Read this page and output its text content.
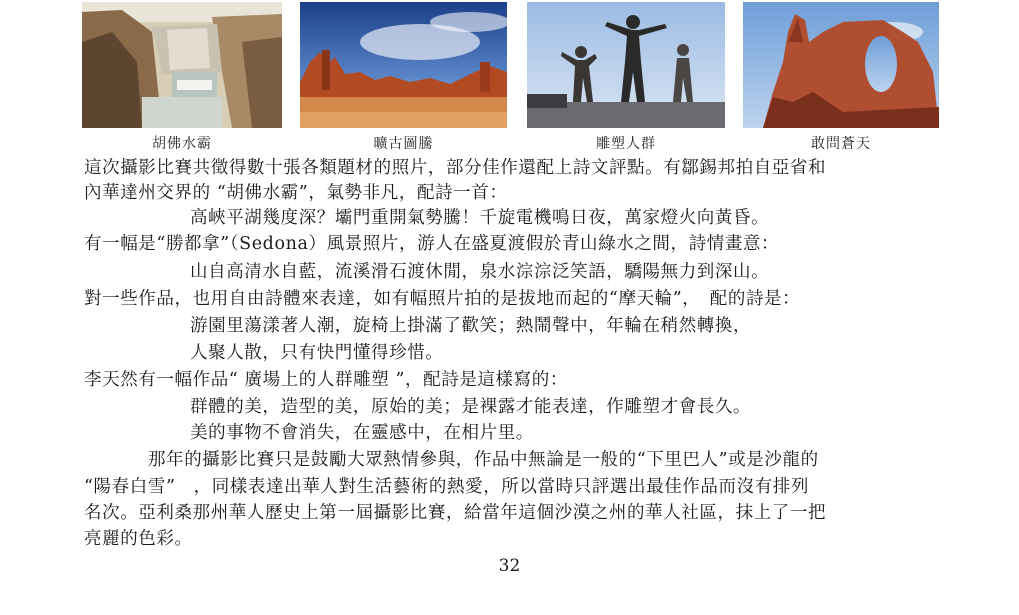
胡佛水霸	曠古圖騰	雕塑人群	敢問蒼天
這次攝影比賽共徵得數十張各類題材的照片，部分佳作還配上詩文評點。有鄒錫邦拍自亞省和
內華達州交界的 “胡佛水霸”，氣勢非凡，配詩一首：
高峽平湖幾度深？壩門重開氣勢騰！千旋電機鳴日夜，萬家燈火向黃昏。
有一幅是“勝都拿”（Sedona）風景照片，游人在盛夏渡假於青山綠水之間，詩情畫意：
山自高清水自藍，流溪滑石渡休閒，泉水淙淙泛笑語，驕陽無力到深山。
對一些作品，也用自由詩體來表達，如有幅照片拍的是拔地而起的“摩天輪”，　配的詩是：
游園里蕩漾著人潮，旋椅上掛滿了歡笑；熱鬧聲中，年輪在稍然轉換，
人聚人散，只有快門懂得珍惜。
李天然有一幅作品“ 廣場上的人群雕塑 ”，配詩是這樣寫的：
群體的美，造型的美，原始的美；是裸露才能表達，作雕塑才會長久。
美的事物不會消失，在靈感中，在相片里。
那年的攝影比賽只是鼓勵大眾熱情參與，作品中無論是一般的“下里巴人”或是沙龍的
“陽春白雪”　，同樣表達出華人對生活藝術的熱愛，所以當時只評選出最佳作品而沒有排列
名次。亞利桑那州華人歷史上第一屆攝影比賽，給當年這個沙漠之州的華人社區，抹上了一把
亮麗的色彩。
32
